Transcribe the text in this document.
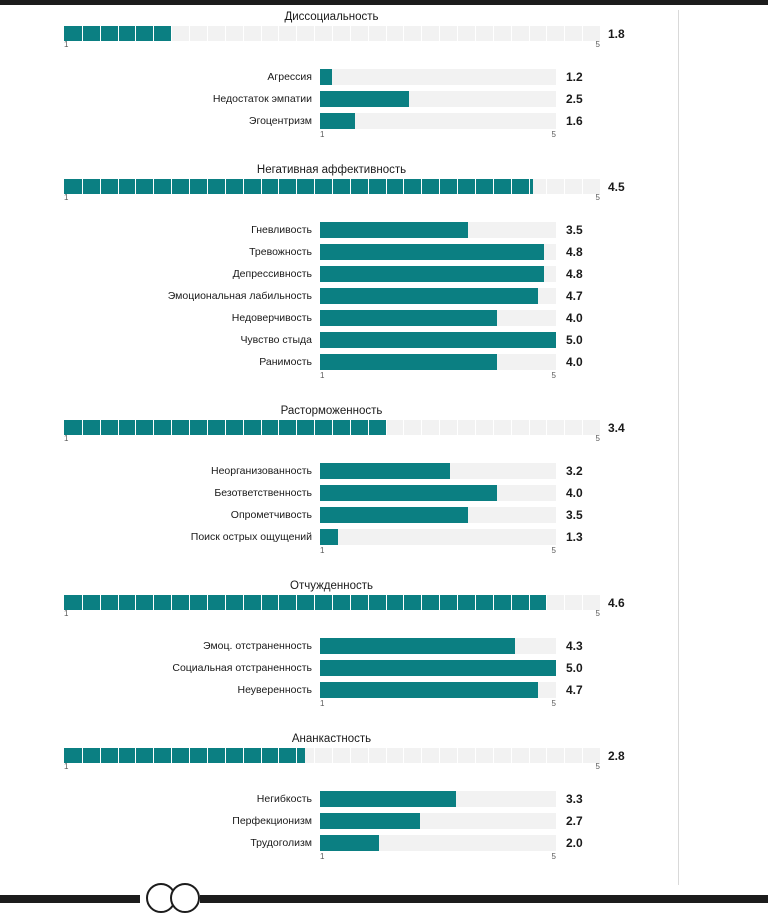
Диссоциальность
1.8
1	5
Агрессия	1.2
Недостаток эмпатии	2.5
Эгоцентризм	1.6
1	5
Негативная аффективность
4.5
1	5
Гневливость	3.5
Тревожность	4.8
Депрессивность	4.8
Эмоциональная лабильность	4.7
Недоверчивость	4.0
Чувство стыда	5.0
Ранимость	4.0
1	5
Расторможенность
3.4
1	5
Неорганизованность	3.2
Безответственность	4.0
Опрометчивость	3.5
Поиск острых ощущений	1.3
1	5
Отчужденность
4.6
1	5
Эмоц. отстраненность	4.3
Социальная отстраненность	5.0
Неуверенность	4.7
1	5
Ананкастность
2.8
1	5
Негибкость	3.3
Перфекционизм	2.7
Трудоголизм	2.0
1	5
